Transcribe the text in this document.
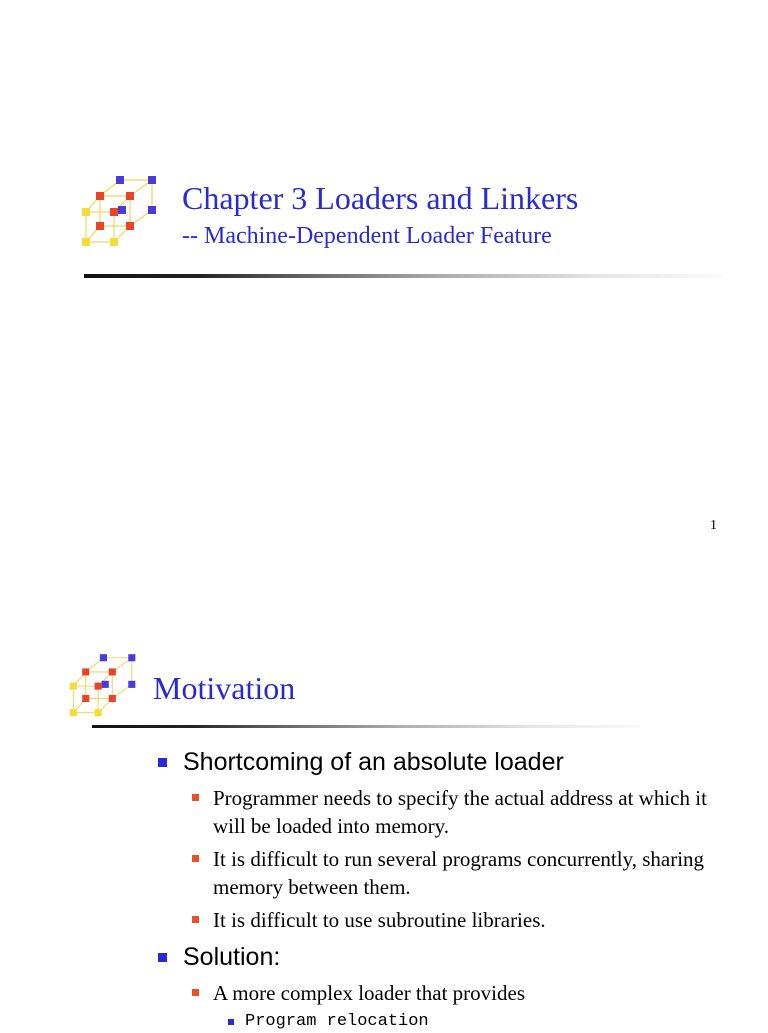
Chapter 3 Loaders and Linkers
-- Machine-Dependent Loader Feature
1
Motivation
Shortcoming of an absolute loader
Programmer needs to specify the actual address at which it will be loaded into memory.
It is difficult to run several programs concurrently, sharing memory between them.
It is difficult to use subroutine libraries.
Solution:
A more complex loader that provides
Program relocation
